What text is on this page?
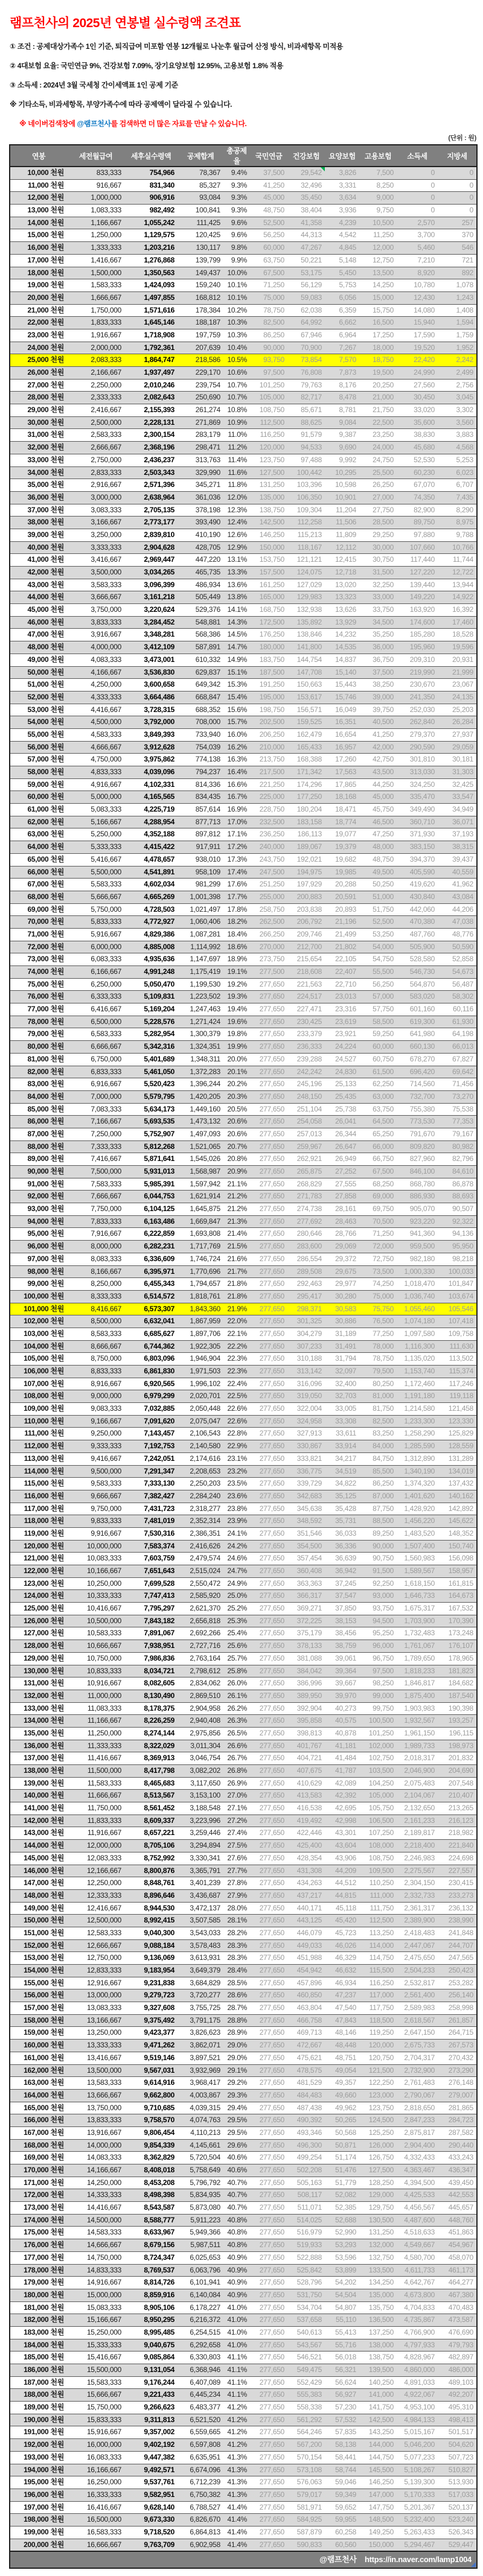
램프천사의 2025년 연봉별 실수령액 조견표
① 조건 : 공제대상가족수 1인 기준, 퇴직급여 미포함 연봉 12개월로 나눈후 월급여 산정 방식, 비과세항목 미적용
② 4대보험 요율: 국민연금 9%, 건강보험 7.09%, 장기요양보험 12.95%, 고용보험 1.8% 적용
③ 소득세 : 2024년 3월 국세청 간이세액표 1인 공제 기준
※ 기타소득, 비과세항목, 부양가족수에 따라 공제액이 달라질 수 있습니다.
※ 네이버검색창에 @램프천사를 검색하면 더 많은 자료를 만날 수 있습니다.
(단위 : 원)
연봉	세전월급여	세후실수령액	공제합계	총공제율	국민연금	건강보험	요양보험	고용보험	소득세	지방세
10,000 천원	833,333	754,966	78,367	9.4%	37,500	29,542	3,826	7,500	0	0
11,000 천원	916,667	831,340	85,327	9.3%	41,250	32,496	3,331	8,250	0	0
12,000 천원	1,000,000	906,916	93,084	9.3%	45,000	35,450	3,634	9,000	0	0
13,000 천원	1,083,333	982,492	100,841	9.3%	48,750	38,404	3,936	9,750	0	0
14,000 천원	1,166,667	1,055,242	111,425	9.6%	52,500	41,358	4,239	10,500	2,570	257
15,000 천원	1,250,000	1,129,575	120,425	9.6%	56,250	44,313	4,542	11,250	3,700	370
16,000 천원	1,333,333	1,203,216	130,117	9.8%	60,000	47,267	4,845	12,000	5,460	546
17,000 천원	1,416,667	1,276,868	139,799	9.9%	63,750	50,221	5,148	12,750	7,210	721
18,000 천원	1,500,000	1,350,563	149,437	10.0%	67,500	53,175	5,450	13,500	8,920	892
19,000 천원	1,583,333	1,424,093	159,240	10.1%	71,250	56,129	5,753	14,250	10,780	1,078
20,000 천원	1,666,667	1,497,855	168,812	10.1%	75,000	59,083	6,056	15,000	12,430	1,243
21,000 천원	1,750,000	1,571,616	178,384	10.2%	78,750	62,038	6,359	15,750	14,080	1,408
22,000 천원	1,833,333	1,645,146	188,187	10.3%	82,500	64,992	6,662	16,500	15,940	1,594
23,000 천원	1,916,667	1,718,908	197,759	10.3%	86,250	67,946	6,964	17,250	17,590	1,759
24,000 천원	2,000,000	1,792,361	207,639	10.4%	90,000	70,900	7,267	18,000	19,520	1,952
25,000 천원	2,083,333	1,864,747	218,586	10.5%	93,750	73,854	7,570	18,750	22,420	2,242
26,000 천원	2,166,667	1,937,497	229,170	10.6%	97,500	76,808	7,873	19,500	24,990	2,499
27,000 천원	2,250,000	2,010,246	239,754	10.7%	101,250	79,763	8,176	20,250	27,560	2,756
28,000 천원	2,333,333	2,082,643	250,690	10.7%	105,000	82,717	8,478	21,000	30,450	3,045
29,000 천원	2,416,667	2,155,393	261,274	10.8%	108,750	85,671	8,781	21,750	33,020	3,302
30,000 천원	2,500,000	2,228,131	271,869	10.9%	112,500	88,625	9,084	22,500	35,600	3,560
31,000 천원	2,583,333	2,300,154	283,179	11.0%	116,250	91,579	9,387	23,250	38,830	3,883
32,000 천원	2,666,667	2,368,196	298,471	11.2%	120,000	94,533	9,690	24,000	45,680	4,568
33,000 천원	2,750,000	2,436,237	313,763	11.4%	123,750	97,488	9,992	24,750	52,530	5,253
34,000 천원	2,833,333	2,503,343	329,990	11.6%	127,500	100,442	10,295	25,500	60,230	6,023
35,000 천원	2,916,667	2,571,396	345,271	11.8%	131,250	103,396	10,598	26,250	67,070	6,707
36,000 천원	3,000,000	2,638,964	361,036	12.0%	135,000	106,350	10,901	27,000	74,350	7,435
37,000 천원	3,083,333	2,705,135	378,198	12.3%	138,750	109,304	11,204	27,750	82,900	8,290
38,000 천원	3,166,667	2,773,177	393,490	12.4%	142,500	112,258	11,506	28,500	89,750	8,975
39,000 천원	3,250,000	2,839,810	410,190	12.6%	146,250	115,213	11,809	29,250	97,880	9,788
40,000 천원	3,333,333	2,904,628	428,705	12.9%	150,000	118,167	12,112	30,000	107,660	10,766
41,000 천원	3,416,667	2,969,447	447,220	13.1%	153,750	121,121	12,415	30,750	117,440	11,744
42,000 천원	3,500,000	3,034,265	465,735	13.3%	157,500	124,075	12,718	31,500	127,220	12,722
43,000 천원	3,583,333	3,096,399	486,934	13.6%	161,250	127,029	13,020	32,250	139,440	13,944
44,000 천원	3,666,667	3,161,218	505,449	13.8%	165,000	129,983	13,323	33,000	149,220	14,922
45,000 천원	3,750,000	3,220,624	529,376	14.1%	168,750	132,938	13,626	33,750	163,920	16,392
46,000 천원	3,833,333	3,284,452	548,881	14.3%	172,500	135,892	13,929	34,500	174,600	17,460
47,000 천원	3,916,667	3,348,281	568,386	14.5%	176,250	138,846	14,232	35,250	185,280	18,528
48,000 천원	4,000,000	3,412,109	587,891	14.7%	180,000	141,800	14,535	36,000	195,960	19,596
49,000 천원	4,083,333	3,473,001	610,332	14.9%	183,750	144,754	14,837	36,750	209,310	20,931
50,000 천원	4,166,667	3,536,830	629,837	15.1%	187,500	147,708	15,140	37,500	219,990	21,999
51,000 천원	4,250,000	3,600,658	649,342	15.3%	191,250	150,663	15,443	38,250	230,670	23,067
52,000 천원	4,333,333	3,664,486	668,847	15.4%	195,000	153,617	15,746	39,000	241,350	24,135
53,000 천원	4,416,667	3,728,315	688,352	15.6%	198,750	156,571	16,049	39,750	252,030	25,203
54,000 천원	4,500,000	3,792,000	708,000	15.7%	202,500	159,525	16,351	40,500	262,840	26,284
55,000 천원	4,583,333	3,849,393	733,940	16.0%	206,250	162,479	16,654	41,250	279,370	27,937
56,000 천원	4,666,667	3,912,628	754,039	16.2%	210,000	165,433	16,957	42,000	290,590	29,059
57,000 천원	4,750,000	3,975,862	774,138	16.3%	213,750	168,388	17,260	42,750	301,810	30,181
58,000 천원	4,833,333	4,039,096	794,237	16.4%	217,500	171,342	17,563	43,500	313,030	31,303
59,000 천원	4,916,667	4,102,331	814,336	16.6%	221,250	174,296	17,865	44,250	324,250	32,425
60,000 천원	5,000,000	4,165,565	834,435	16.7%	225,000	177,250	18,168	45,000	335,470	33,547
61,000 천원	5,083,333	4,225,719	857,614	16.9%	228,750	180,204	18,471	45,750	349,490	34,949
62,000 천원	5,166,667	4,288,954	877,713	17.0%	232,500	183,158	18,774	46,500	360,710	36,071
63,000 천원	5,250,000	4,352,188	897,812	17.1%	236,250	186,113	19,077	47,250	371,930	37,193
64,000 천원	5,333,333	4,415,422	917,911	17.2%	240,000	189,067	19,379	48,000	383,150	38,315
65,000 천원	5,416,667	4,478,657	938,010	17.3%	243,750	192,021	19,682	48,750	394,370	39,437
66,000 천원	5,500,000	4,541,891	958,109	17.4%	247,500	194,975	19,985	49,500	405,590	40,559
67,000 천원	5,583,333	4,602,034	981,299	17.6%	251,250	197,929	20,288	50,250	419,620	41,962
68,000 천원	5,666,667	4,665,269	1,001,398	17.7%	255,000	200,883	20,591	51,000	430,840	43,084
69,000 천원	5,750,000	4,728,503	1,021,497	17.8%	258,750	203,838	20,893	51,750	442,060	44,206
70,000 천원	5,833,333	4,772,927	1,060,406	18.2%	262,500	206,792	21,196	52,500	470,380	47,038
71,000 천원	5,916,667	4,829,386	1,087,281	18.4%	266,250	209,746	21,499	53,250	487,760	48,776
72,000 천원	6,000,000	4,885,008	1,114,992	18.6%	270,000	212,700	21,802	54,000	505,900	50,590
73,000 천원	6,083,333	4,935,636	1,147,697	18.9%	273,750	215,654	22,105	54,750	528,580	52,858
74,000 천원	6,166,667	4,991,248	1,175,419	19.1%	277,500	218,608	22,407	55,500	546,730	54,673
75,000 천원	6,250,000	5,050,470	1,199,530	19.2%	277,650	221,563	22,710	56,250	564,870	56,487
76,000 천원	6,333,333	5,109,831	1,223,502	19.3%	277,650	224,517	23,013	57,000	583,020	58,302
77,000 천원	6,416,667	5,169,204	1,247,463	19.4%	277,650	227,471	23,316	57,750	601,160	60,116
78,000 천원	6,500,000	5,228,576	1,271,424	19.6%	277,650	230,425	23,619	58,500	619,300	61,930
79,000 천원	6,583,333	5,282,954	1,300,379	19.8%	277,650	233,379	23,921	59,250	641,980	64,198
80,000 천원	6,666,667	5,342,316	1,324,351	19.9%	277,650	236,333	24,224	60,000	660,130	66,013
81,000 천원	6,750,000	5,401,689	1,348,311	20.0%	277,650	239,288	24,527	60,750	678,270	67,827
82,000 천원	6,833,333	5,461,050	1,372,283	20.1%	277,650	242,242	24,830	61,500	696,420	69,642
83,000 천원	6,916,667	5,520,423	1,396,244	20.2%	277,650	245,196	25,133	62,250	714,560	71,456
84,000 천원	7,000,000	5,579,795	1,420,205	20.3%	277,650	248,150	25,435	63,000	732,700	73,270
85,000 천원	7,083,333	5,634,173	1,449,160	20.5%	277,650	251,104	25,738	63,750	755,380	75,538
86,000 천원	7,166,667	5,693,535	1,473,132	20.6%	277,650	254,058	26,041	64,500	773,530	77,353
87,000 천원	7,250,000	5,752,907	1,497,093	20.6%	277,650	257,013	26,344	65,250	791,670	79,167
88,000 천원	7,333,333	5,812,268	1,521,065	20.7%	277,650	259,967	26,647	66,000	809,820	80,982
89,000 천원	7,416,667	5,871,641	1,545,026	20.8%	277,650	262,921	26,949	66,750	827,960	82,796
90,000 천원	7,500,000	5,931,013	1,568,987	20.9%	277,650	265,875	27,252	67,500	846,100	84,610
91,000 천원	7,583,333	5,985,391	1,597,942	21.1%	277,650	268,829	27,555	68,250	868,780	86,878
92,000 천원	7,666,667	6,044,753	1,621,914	21.2%	277,650	271,783	27,858	69,000	886,930	88,693
93,000 천원	7,750,000	6,104,125	1,645,875	21.2%	277,650	274,738	28,161	69,750	905,070	90,507
94,000 천원	7,833,333	6,163,486	1,669,847	21.3%	277,650	277,692	28,463	70,500	923,220	92,322
95,000 천원	7,916,667	6,222,859	1,693,808	21.4%	277,650	280,646	28,766	71,250	941,360	94,136
96,000 천원	8,000,000	6,282,231	1,717,769	21.5%	277,650	283,600	29,069	72,000	959,500	95,950
97,000 천원	8,083,333	6,336,609	1,746,724	21.6%	277,650	286,554	29,372	72,750	982,180	98,218
98,000 천원	8,166,667	6,395,971	1,770,696	21.7%	277,650	289,508	29,675	73,500	1,000,330	100,033
99,000 천원	8,250,000	6,455,343	1,794,657	21.8%	277,650	292,463	29,977	74,250	1,018,470	101,847
100,000 천원	8,333,333	6,514,572	1,818,761	21.8%	277,650	295,417	30,280	75,000	1,036,740	103,674
101,000 천원	8,416,667	6,573,307	1,843,360	21.9%	277,650	298,371	30,583	75,750	1,055,460	105,546
102,000 천원	8,500,000	6,632,041	1,867,959	22.0%	277,650	301,325	30,886	76,500	1,074,180	107,418
103,000 천원	8,583,333	6,685,627	1,897,706	22.1%	277,650	304,279	31,189	77,250	1,097,580	109,758
104,000 천원	8,666,667	6,744,362	1,922,305	22.2%	277,650	307,233	31,491	78,000	1,116,300	111,630
105,000 천원	8,750,000	6,803,096	1,946,904	22.3%	277,650	310,188	31,794	78,750	1,135,020	113,502
106,000 천원	8,833,333	6,861,830	1,971,503	22.3%	277,650	313,142	32,097	79,500	1,153,740	115,374
107,000 천원	8,916,667	6,920,565	1,996,102	22.4%	277,650	316,096	32,400	80,250	1,172,460	117,246
108,000 천원	9,000,000	6,979,299	2,020,701	22.5%	277,650	319,050	32,703	81,000	1,191,180	119,118
109,000 천원	9,083,333	7,032,885	2,050,448	22.6%	277,650	322,004	33,005	81,750	1,214,580	121,458
110,000 천원	9,166,667	7,091,620	2,075,047	22.6%	277,650	324,958	33,308	82,500	1,233,300	123,330
111,000 천원	9,250,000	7,143,457	2,106,543	22.8%	277,650	327,913	33,611	83,250	1,258,290	125,829
112,000 천원	9,333,333	7,192,753	2,140,580	22.9%	277,650	330,867	33,914	84,000	1,285,590	128,559
113,000 천원	9,416,667	7,242,051	2,174,616	23.1%	277,650	333,821	34,217	84,750	1,312,890	131,289
114,000 천원	9,500,000	7,291,347	2,208,653	23.2%	277,650	336,775	34,519	85,500	1,340,190	134,019
115,000 천원	9,583,333	7,333,130	2,250,203	23.5%	277,650	339,729	34,822	86,250	1,374,320	137,432
116,000 천원	9,666,667	7,382,427	2,284,240	23.6%	277,650	342,683	35,125	87,000	1,401,620	140,162
117,000 천원	9,750,000	7,431,723	2,318,277	23.8%	277,650	345,638	35,428	87,750	1,428,920	142,892
118,000 천원	9,833,333	7,481,019	2,352,314	23.9%	277,650	348,592	35,731	88,500	1,456,220	145,622
119,000 천원	9,916,667	7,530,316	2,386,351	24.1%	277,650	351,546	36,033	89,250	1,483,520	148,352
120,000 천원	10,000,000	7,583,374	2,416,626	24.2%	277,650	354,500	36,336	90,000	1,507,400	150,740
121,000 천원	10,083,333	7,603,759	2,479,574	24.6%	277,650	357,454	36,639	90,750	1,560,983	156,098
122,000 천원	10,166,667	7,651,643	2,515,024	24.7%	277,650	360,408	36,942	91,500	1,589,567	158,957
123,000 천원	10,250,000	7,699,528	2,550,472	24.9%	277,650	363,363	37,245	92,250	1,618,150	161,815
124,000 천원	10,333,333	7,747,413	2,585,920	25.0%	277,650	366,317	37,547	93,000	1,646,733	164,673
125,000 천원	10,416,667	7,795,297	2,621,370	25.2%	277,650	369,271	37,850	93,750	1,675,317	167,532
126,000 천원	10,500,000	7,843,182	2,656,818	25.3%	277,650	372,225	38,153	94,500	1,703,900	170,390
127,000 천원	10,583,333	7,891,067	2,692,266	25.4%	277,650	375,179	38,456	95,250	1,732,483	173,248
128,000 천원	10,666,667	7,938,951	2,727,716	25.6%	277,650	378,133	38,759	96,000	1,761,067	176,107
129,000 천원	10,750,000	7,986,836	2,763,164	25.7%	277,650	381,088	39,061	96,750	1,789,650	178,965
130,000 천원	10,833,333	8,034,721	2,798,612	25.8%	277,650	384,042	39,364	97,500	1,818,233	181,823
131,000 천원	10,916,667	8,082,605	2,834,062	26.0%	277,650	386,996	39,667	98,250	1,846,817	184,682
132,000 천원	11,000,000	8,130,490	2,869,510	26.1%	277,650	389,950	39,970	99,000	1,875,400	187,540
133,000 천원	11,083,333	8,178,375	2,904,958	26.2%	277,650	392,904	40,273	99,750	1,903,983	190,398
134,000 천원	11,166,667	8,226,259	2,940,408	26.3%	277,650	395,858	40,575	100,500	1,932,567	193,257
135,000 천원	11,250,000	8,274,144	2,975,856	26.5%	277,650	398,813	40,878	101,250	1,961,150	196,115
136,000 천원	11,333,333	8,322,029	3,011,304	26.6%	277,650	401,767	41,181	102,000	1,989,733	198,973
137,000 천원	11,416,667	8,369,913	3,046,754	26.7%	277,650	404,721	41,484	102,750	2,018,317	201,832
138,000 천원	11,500,000	8,417,798	3,082,202	26.8%	277,650	407,675	41,787	103,500	2,046,900	204,690
139,000 천원	11,583,333	8,465,683	3,117,650	26.9%	277,650	410,629	42,089	104,250	2,075,483	207,548
140,000 천원	11,666,667	8,513,567	3,153,100	27.0%	277,650	413,583	42,392	105,000	2,104,067	210,407
141,000 천원	11,750,000	8,561,452	3,188,548	27.1%	277,650	416,538	42,695	105,750	2,132,650	213,265
142,000 천원	11,833,333	8,609,337	3,223,996	27.2%	277,650	419,492	42,998	106,500	2,161,233	216,123
143,000 천원	11,916,667	8,657,221	3,259,446	27.4%	277,650	422,446	43,301	107,250	2,189,817	218,982
144,000 천원	12,000,000	8,705,106	3,294,894	27.5%	277,650	425,400	43,604	108,000	2,218,400	221,840
145,000 천원	12,083,333	8,752,992	3,330,341	27.6%	277,650	428,354	43,906	108,750	2,246,983	224,698
146,000 천원	12,166,667	8,800,876	3,365,791	27.7%	277,650	431,308	44,209	109,500	2,275,567	227,557
147,000 천원	12,250,000	8,848,761	3,401,239	27.8%	277,650	434,263	44,512	110,250	2,304,150	230,415
148,000 천원	12,333,333	8,896,646	3,436,687	27.9%	277,650	437,217	44,815	111,000	2,332,733	233,273
149,000 천원	12,416,667	8,944,530	3,472,137	28.0%	277,650	440,171	45,118	111,750	2,361,317	236,132
150,000 천원	12,500,000	8,992,415	3,507,585	28.1%	277,650	443,125	45,420	112,500	2,389,900	238,990
151,000 천원	12,583,333	9,040,300	3,543,033	28.2%	277,650	446,079	45,723	113,250	2,418,483	241,848
152,000 천원	12,666,667	9,088,184	3,578,483	28.3%	277,650	449,033	46,026	114,000	2,447,067	244,707
153,000 천원	12,750,000	9,136,069	3,613,931	28.3%	277,650	451,988	46,329	114,750	2,475,650	247,565
154,000 천원	12,833,333	9,183,954	3,649,379	28.4%	277,650	454,942	46,632	115,500	2,504,233	250,423
155,000 천원	12,916,667	9,231,838	3,684,829	28.5%	277,650	457,896	46,934	116,250	2,532,817	253,282
156,000 천원	13,000,000	9,279,723	3,720,277	28.6%	277,650	460,850	47,237	117,000	2,561,400	256,140
157,000 천원	13,083,333	9,327,608	3,755,725	28.7%	277,650	463,804	47,540	117,750	2,589,983	258,998
158,000 천원	13,166,667	9,375,492	3,791,175	28.8%	277,650	466,758	47,843	118,500	2,618,567	261,857
159,000 천원	13,250,000	9,423,377	3,826,623	28.9%	277,650	469,713	48,146	119,250	2,647,150	264,715
160,000 천원	13,333,333	9,471,262	3,862,071	29.0%	277,650	472,667	48,448	120,000	2,675,733	267,573
161,000 천원	13,416,667	9,519,146	3,897,521	29.0%	277,650	475,621	48,751	120,750	2,704,317	270,432
162,000 천원	13,500,000	9,567,031	3,932,969	29.1%	277,650	478,575	49,054	121,500	2,732,900	273,290
163,000 천원	13,583,333	9,614,916	3,968,417	29.2%	277,650	481,529	49,357	122,250	2,761,483	276,148
164,000 천원	13,666,667	9,662,800	4,003,867	29.3%	277,650	484,483	49,660	123,000	2,790,067	279,007
165,000 천원	13,750,000	9,710,685	4,039,315	29.4%	277,650	487,438	49,962	123,750	2,818,650	281,865
166,000 천원	13,833,333	9,758,570	4,074,763	29.5%	277,650	490,392	50,265	124,500	2,847,233	284,723
167,000 천원	13,916,667	9,806,454	4,110,213	29.5%	277,650	493,346	50,568	125,250	2,875,817	287,582
168,000 천원	14,000,000	9,854,339	4,145,661	29.6%	277,650	496,300	50,871	126,000	2,904,400	290,440
169,000 천원	14,083,333	8,362,829	5,720,504	40.6%	277,650	499,254	51,174	126,750	4,332,433	433,243
170,000 천원	14,166,667	8,408,018	5,758,649	40.6%	277,650	502,208	51,476	127,500	4,363,467	436,347
171,000 천원	14,250,000	8,453,208	5,796,792	40.7%	277,650	505,163	51,779	128,250	4,394,500	439,450
172,000 천원	14,333,333	8,498,398	5,834,935	40.7%	277,650	508,117	52,082	129,000	4,425,533	442,553
173,000 천원	14,416,667	8,543,587	5,873,080	40.7%	277,650	511,071	52,385	129,750	4,456,567	445,657
174,000 천원	14,500,000	8,588,777	5,911,223	40.8%	277,650	514,025	52,688	130,500	4,487,600	448,760
175,000 천원	14,583,333	8,633,967	5,949,366	40.8%	277,650	516,979	52,990	131,250	4,518,633	451,863
176,000 천원	14,666,667	8,679,156	5,987,511	40.8%	277,650	519,933	53,293	132,000	4,549,667	454,967
177,000 천원	14,750,000	8,724,347	6,025,653	40.9%	277,650	522,888	53,596	132,750	4,580,700	458,070
178,000 천원	14,833,333	8,769,537	6,063,796	40.9%	277,650	525,842	53,899	133,500	4,611,733	461,173
179,000 천원	14,916,667	8,814,726	6,101,941	40.9%	277,650	528,796	54,202	134,250	4,642,767	464,277
180,000 천원	15,000,000	8,859,916	6,140,084	40.9%	277,650	531,750	54,504	135,000	4,673,800	467,380
181,000 천원	15,083,333	8,905,106	6,178,227	41.0%	277,650	534,704	54,807	135,750	4,704,833	470,483
182,000 천원	15,166,667	8,950,295	6,216,372	41.0%	277,650	537,658	55,110	136,500	4,735,867	473,587
183,000 천원	15,250,000	8,995,485	6,254,515	41.0%	277,650	540,613	55,413	137,250	4,766,900	476,690
184,000 천원	15,333,333	9,040,675	6,292,658	41.0%	277,650	543,567	55,716	138,000	4,797,933	479,793
185,000 천원	15,416,667	9,085,864	6,330,803	41.1%	277,650	546,521	56,018	138,750	4,828,967	482,897
186,000 천원	15,500,000	9,131,054	6,368,946	41.1%	277,650	549,475	56,321	139,500	4,860,000	486,000
187,000 천원	15,583,333	9,176,244	6,407,089	41.1%	277,650	552,429	56,624	140,250	4,891,033	489,103
188,000 천원	15,666,667	9,221,433	6,445,234	41.1%	277,650	555,383	56,927	141,000	4,922,067	492,207
189,000 천원	15,750,000	9,266,623	6,483,377	41.2%	277,650	558,338	57,230	141,750	4,953,100	495,310
190,000 천원	15,833,333	9,311,813	6,521,520	41.2%	277,650	561,292	57,532	142,500	4,984,133	498,413
191,000 천원	15,916,667	9,357,002	6,559,665	41.2%	277,650	564,246	57,835	143,250	5,015,167	501,517
192,000 천원	16,000,000	9,402,192	6,597,808	41.2%	277,650	567,200	58,138	144,000	5,046,200	504,620
193,000 천원	16,083,333	9,447,382	6,635,951	41.3%	277,650	570,154	58,441	144,750	5,077,233	507,723
194,000 천원	16,166,667	9,492,571	6,674,096	41.3%	277,650	573,108	58,744	145,500	5,108,267	510,827
195,000 천원	16,250,000	9,537,761	6,712,239	41.3%	277,650	576,063	59,046	146,250	5,139,300	513,930
196,000 천원	16,333,333	9,582,951	6,750,382	41.3%	277,650	579,017	59,349	147,000	5,170,333	517,033
197,000 천원	16,416,667	9,628,140	6,788,527	41.4%	277,650	581,971	59,652	147,750	5,201,367	520,137
198,000 천원	16,500,000	9,673,330	6,826,670	41.4%	277,650	584,925	59,955	148,500	5,232,400	523,240
199,000 천원	16,583,333	9,718,520	6,864,813	41.4%	277,650	587,879	60,258	149,250	5,263,433	526,343
200,000 천원	16,666,667	9,763,709	6,902,958	41.4%	277,650	590,833	60,560	150,000	5,294,467	529,447
@램프천사 https://in.naver.com/lamp1004
